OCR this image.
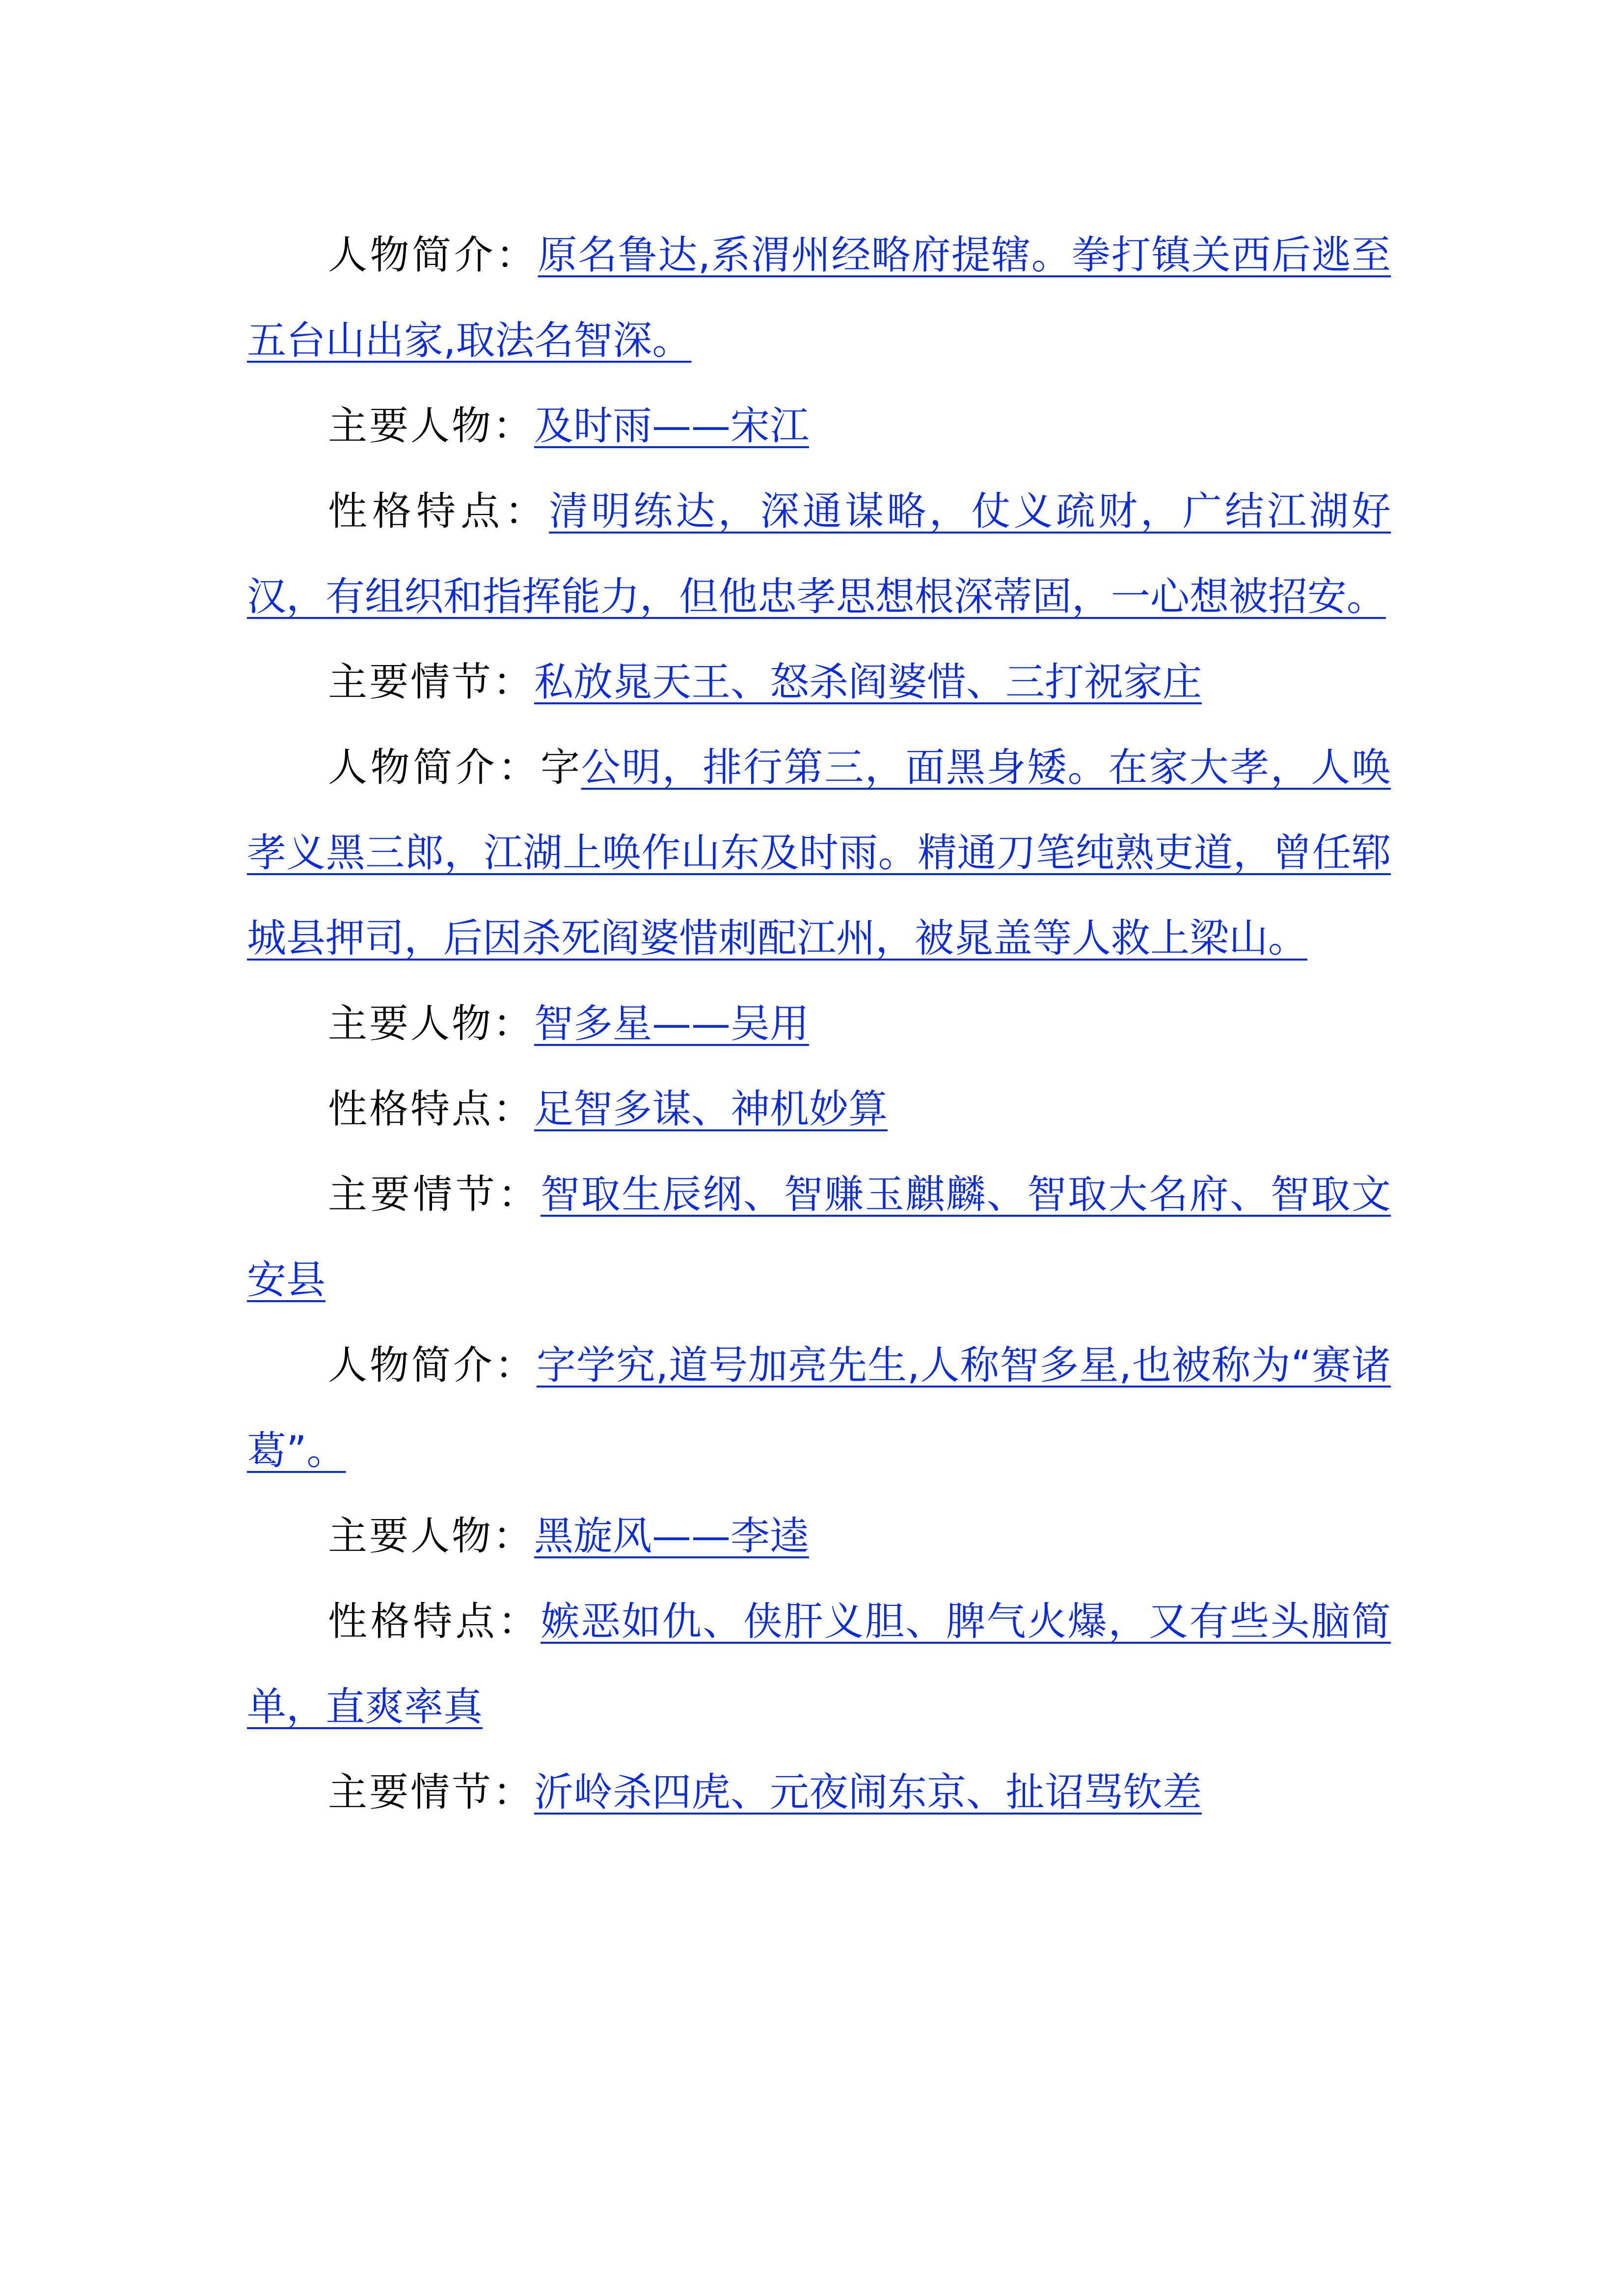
人物简介：原名鲁达,系渭州经略府提辖。拳打镇关西后逃至五台山出家,取法名智深。

主要人物：及时雨——宋江

性格特点：清明练达，深通谋略，仗义疏财，广结江湖好汉，有组织和指挥能力，但他忠孝思想根深蒂固，一心想被招安。

主要情节：私放晁天王、怒杀阎婆惜、三打祝家庄

人物简介：字公明，排行第三，面黑身矮。在家大孝，人唤孝义黑三郎，江湖上唤作山东及时雨。精通刀笔纯熟吏道，曾任郓城县押司，后因杀死阎婆惜刺配江州，被晁盖等人救上梁山。

主要人物：智多星——吴用

性格特点：足智多谋、神机妙算

主要情节：智取生辰纲、智赚玉麒麟、智取大名府、智取文安县

人物简介：字学究,道号加亮先生,人称智多星,也被称为“赛诸葛”。

主要人物：黑旋风——李逵

性格特点：嫉恶如仇、侠肝义胆、脾气火爆，又有些头脑简单，直爽率真

主要情节：沂岭杀四虎、元夜闹东京、扯诏骂钦差
